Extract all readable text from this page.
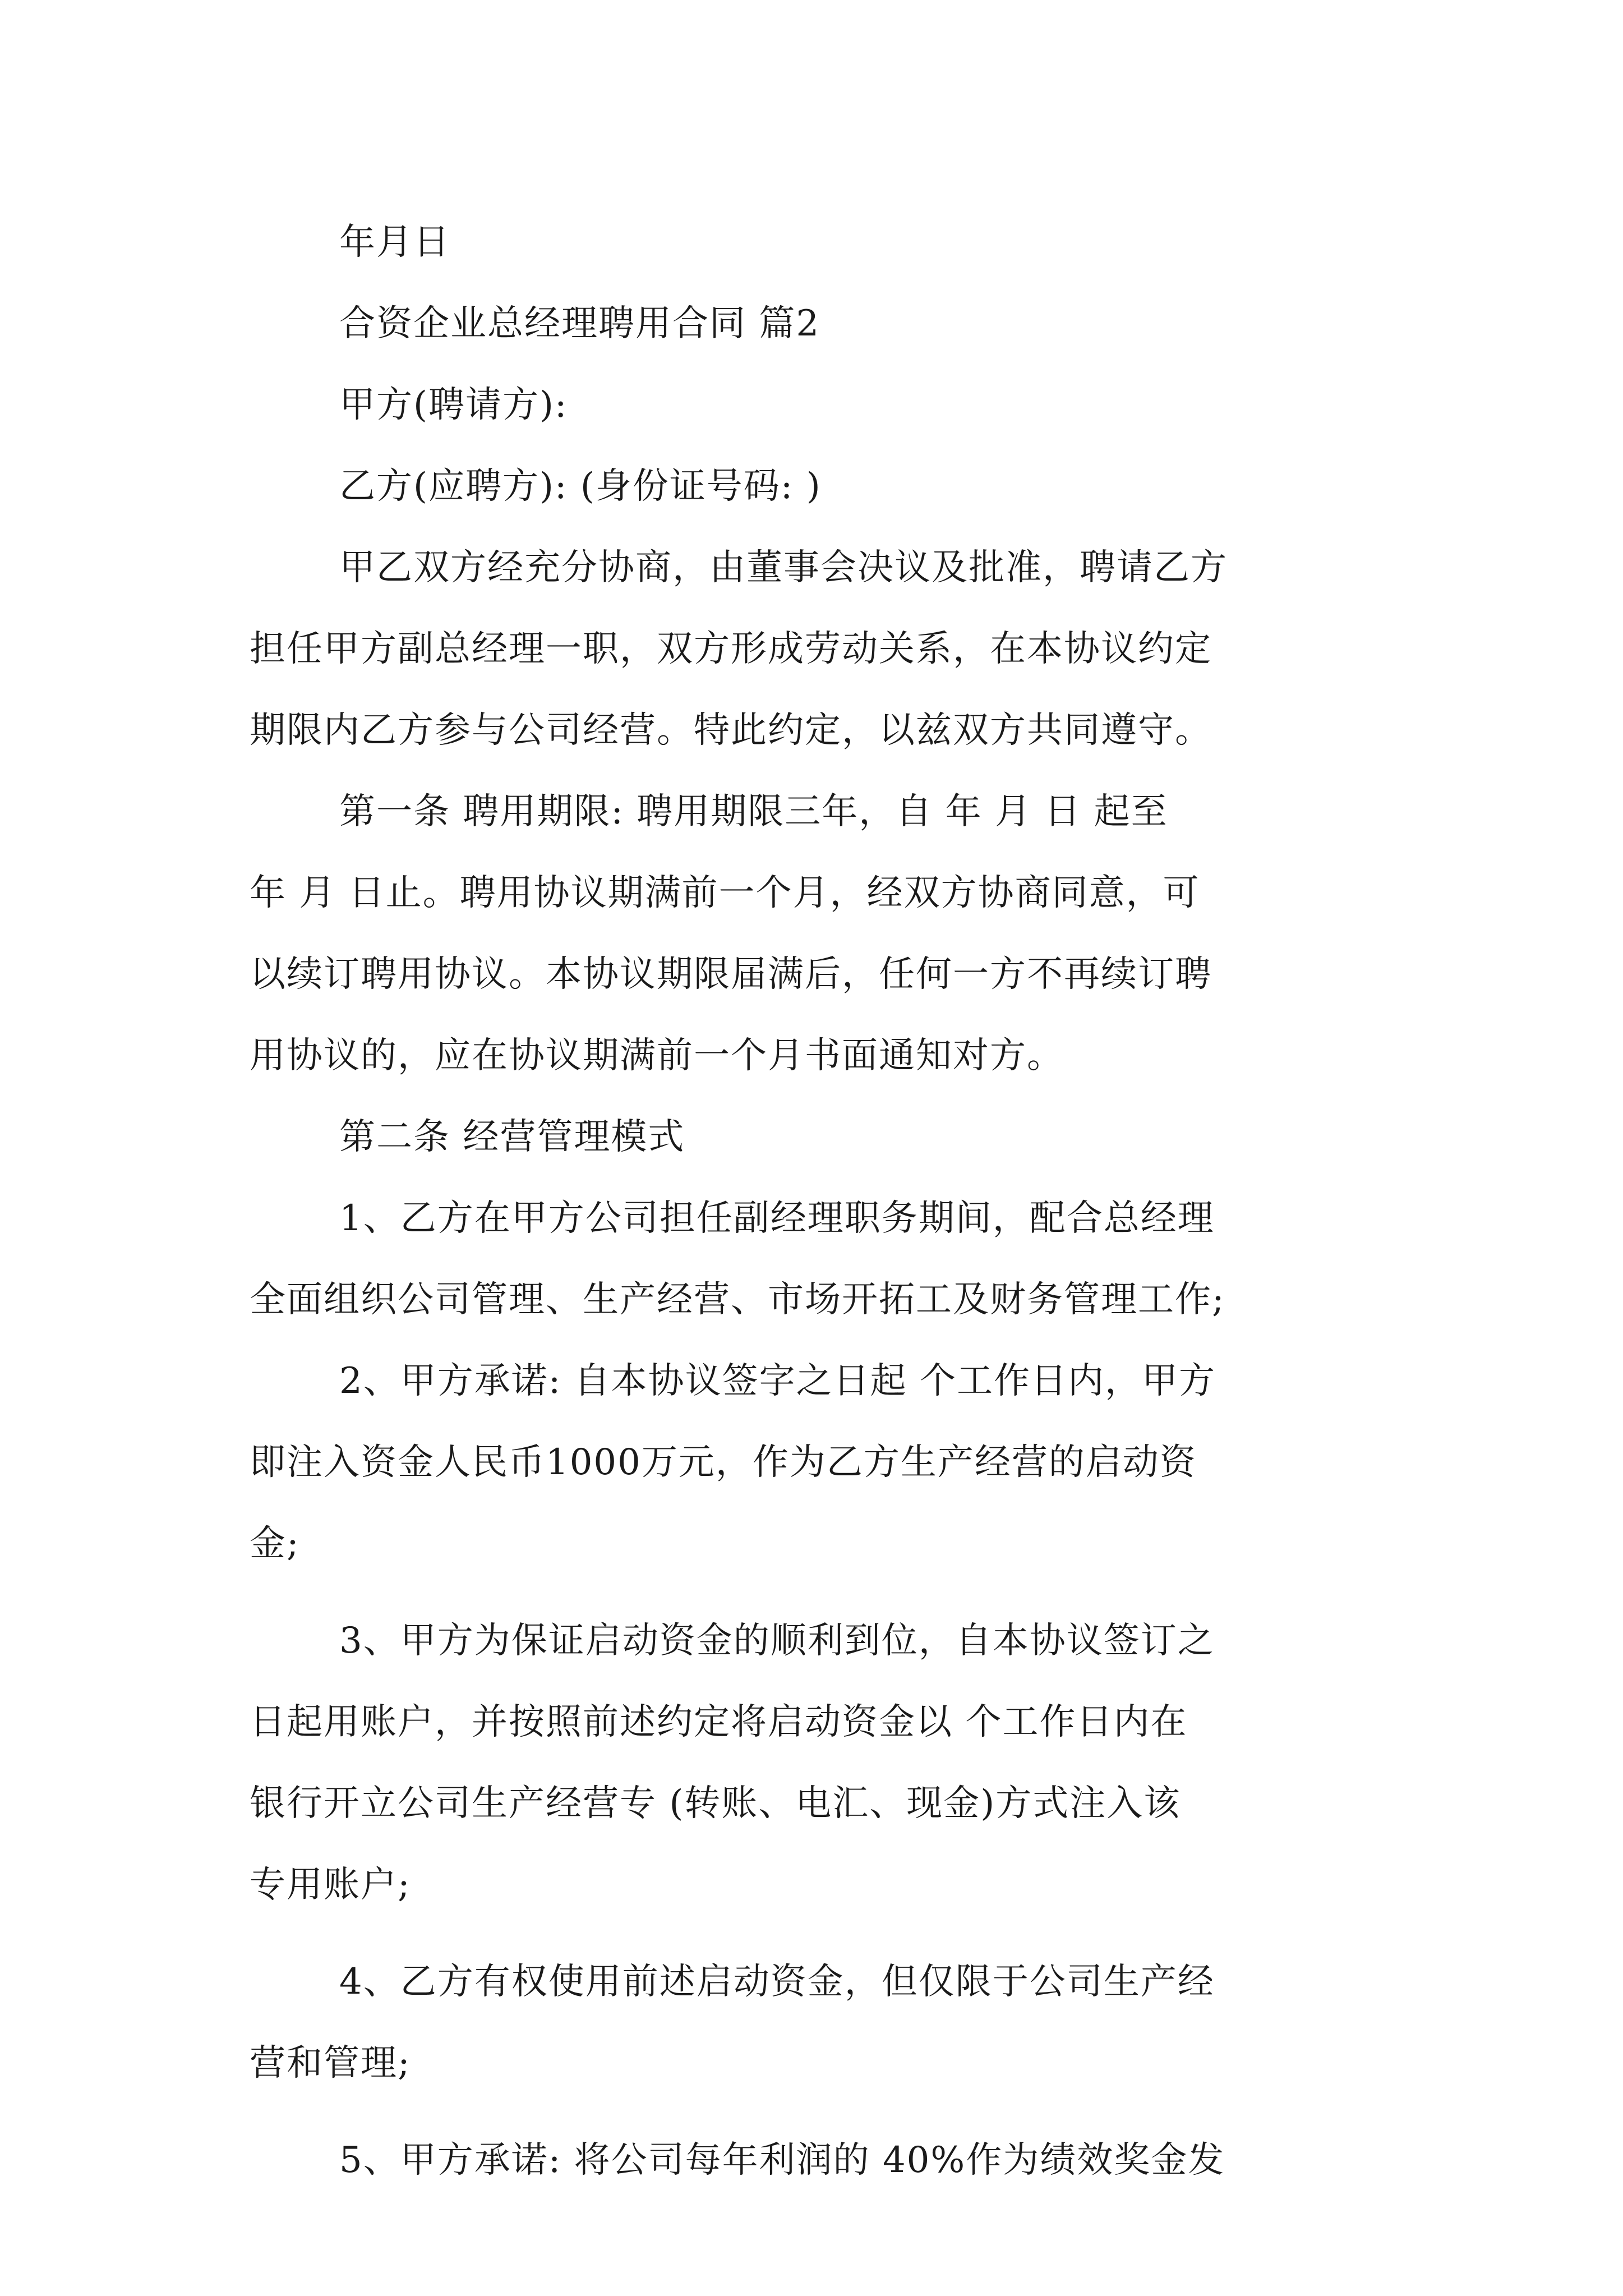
年月日
合资企业总经理聘用合同 篇2
甲方(聘请方):
乙方(应聘方): (身份证号码: )
甲乙双方经充分协商，由董事会决议及批准，聘请乙方
担任甲方副总经理一职，双方形成劳动关系，在本协议约定
期限内乙方参与公司经营。特此约定，以兹双方共同遵守。
第一条 聘用期限: 聘用期限三年，自 年 月 日 起至
年 月 日止。聘用协议期满前一个月，经双方协商同意，可
以续订聘用协议。本协议期限届满后，任何一方不再续订聘
用协议的，应在协议期满前一个月书面通知对方。
第二条 经营管理模式
1、乙方在甲方公司担任副经理职务期间，配合总经理
全面组织公司管理、生产经营、市场开拓工及财务管理工作;
2、甲方承诺: 自本协议签字之日起 个工作日内，甲方
即注入资金人民币1000万元，作为乙方生产经营的启动资
金;
3、甲方为保证启动资金的顺利到位，自本协议签订之
日起用账户，并按照前述约定将启动资金以 个工作日内在
银行开立公司生产经营专 (转账、电汇、现金)方式注入该
专用账户;
4、乙方有权使用前述启动资金，但仅限于公司生产经
营和管理;
5、甲方承诺: 将公司每年利润的 40%作为绩效奖金发
